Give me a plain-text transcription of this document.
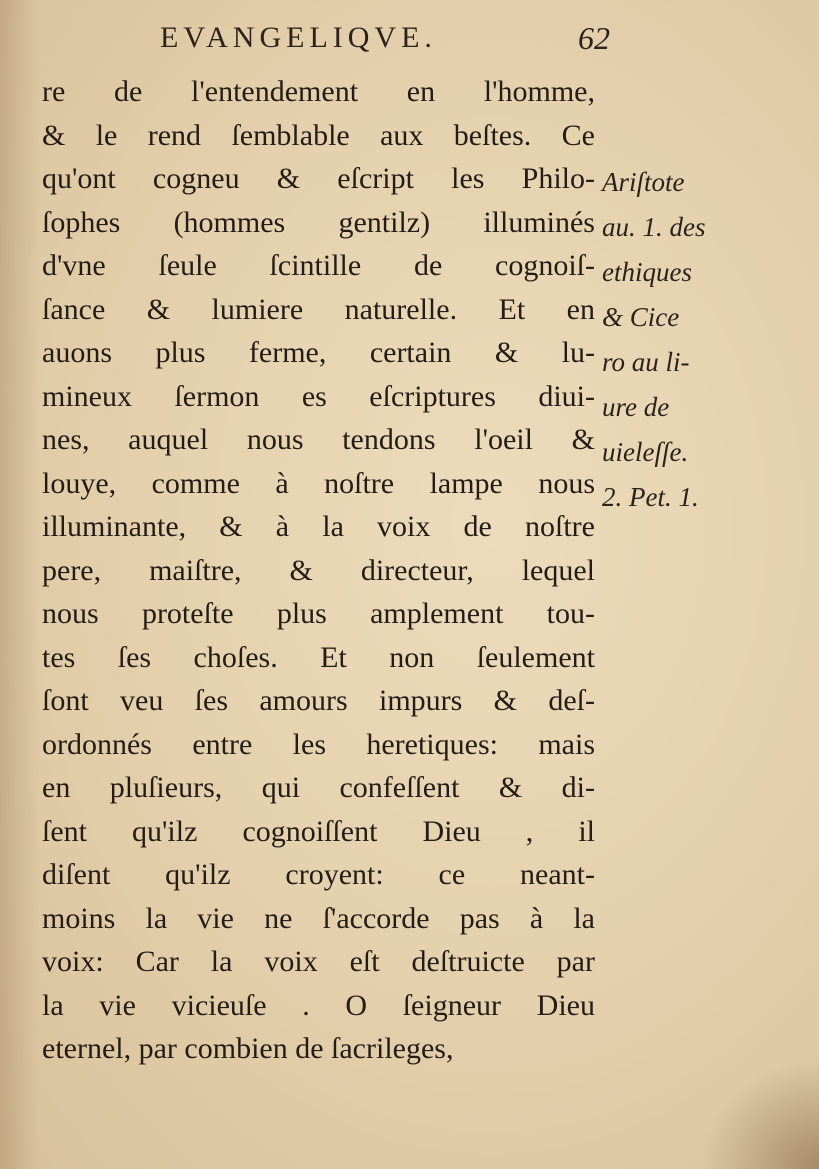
EVANGELIQVE.	62
re de l'entendement en l'homme,
& le rend ſemblable aux beſtes. Ce
qu'ont cogneu & eſcript les Philo-
ſophes (hommes gentilz) illuminés
d'vne ſeule ſcintille de cognoiſ-
ſance & lumiere naturelle. Et en
auons plus ferme, certain & lu-
mineux ſermon es eſcriptures diui-
nes, auquel nous tendons l'oeil &
louye, comme à noſtre lampe nous
illuminante, & à la voix de noſtre
pere, maiſtre, & directeur, lequel
nous proteſte plus amplement tou-
tes ſes choſes. Et non ſeulement
ſont veu ſes amours impurs & deſ-
ordonnés entre les heretiques: mais
en pluſieurs, qui confeſſent & di-
ſent qu'ilz cognoiſſent Dieu , il
diſent qu'ilz croyent: ce neant-
moins la vie ne ſ'accorde pas à la
voix: Car la voix eſt deſtruicte par
la vie vicieuſe . O ſeigneur Dieu
eternel, par combien de ſacrileges,
Ariſtote
au. 1. des
ethiques
& Cice
ro au li-
ure de
uieleſſe.
2. Pet. 1.
